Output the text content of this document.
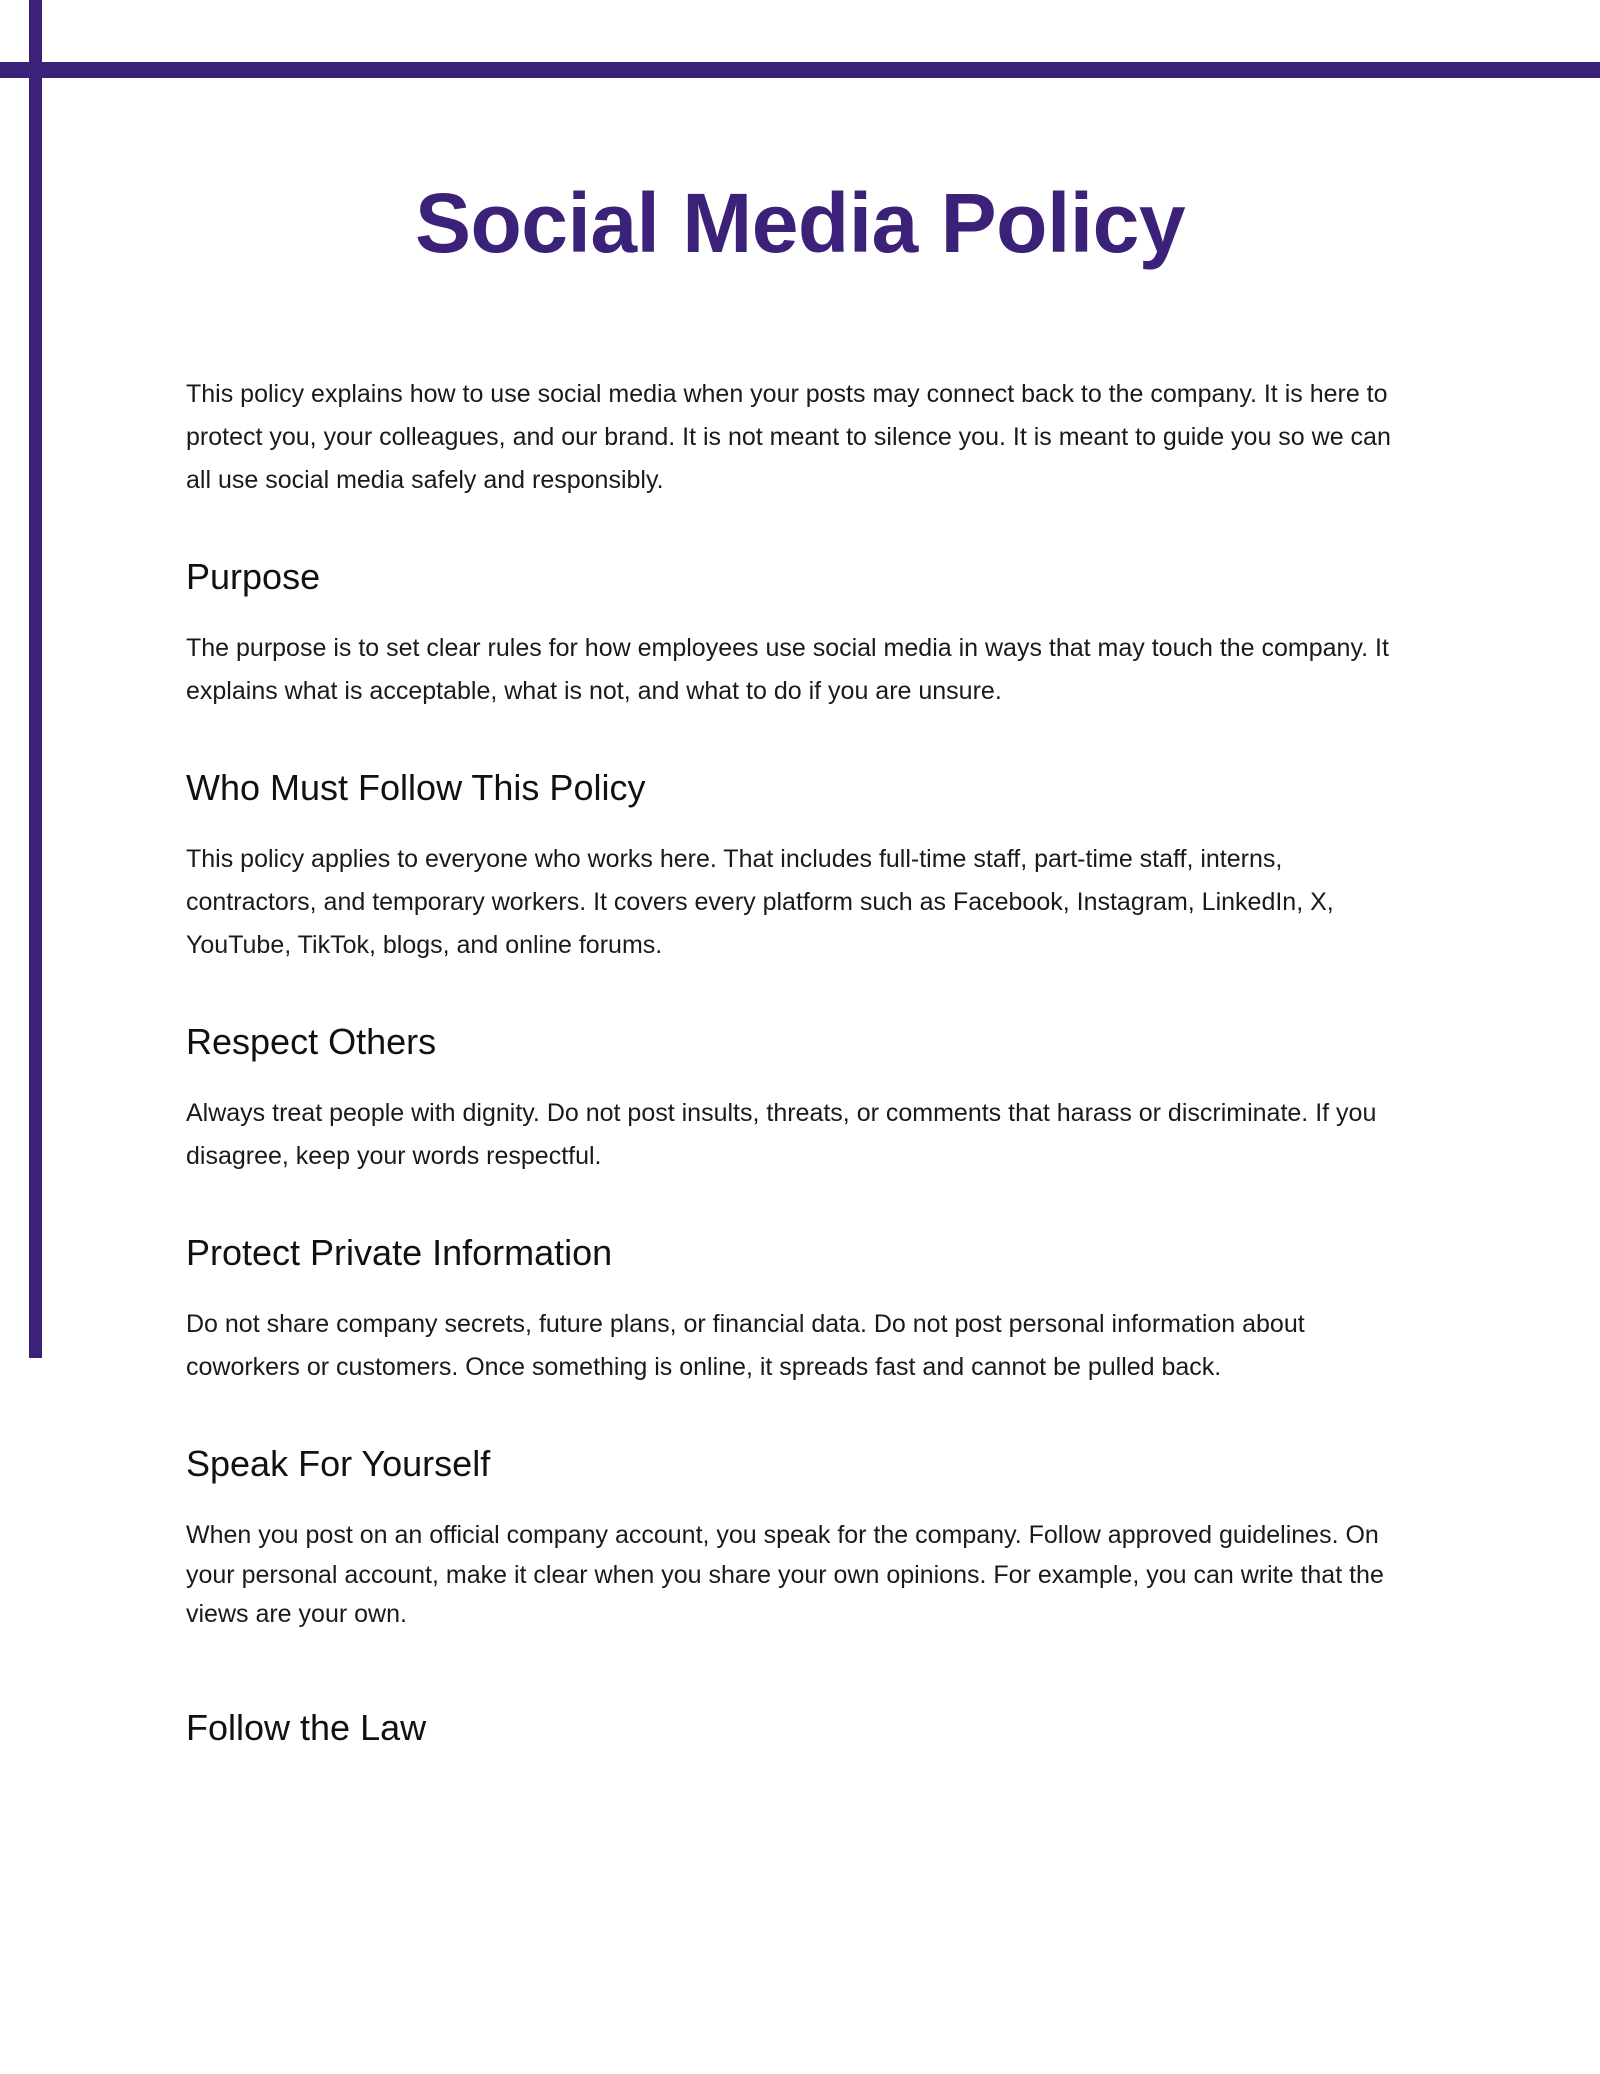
Social Media Policy

This policy explains how to use social media when your posts may connect back to the company. It is here to protect you, your colleagues, and our brand. It is not meant to silence you. It is meant to guide you so we can all use social media safely and responsibly.

Purpose

The purpose is to set clear rules for how employees use social media in ways that may touch the company. It explains what is acceptable, what is not, and what to do if you are unsure.

Who Must Follow This Policy

This policy applies to everyone who works here. That includes full-time staff, part-time staff, interns, contractors, and temporary workers. It covers every platform such as Facebook, Instagram, LinkedIn, X, YouTube, TikTok, blogs, and online forums.

Respect Others

Always treat people with dignity. Do not post insults, threats, or comments that harass or discriminate. If you disagree, keep your words respectful.

Protect Private Information

Do not share company secrets, future plans, or financial data. Do not post personal information about coworkers or customers. Once something is online, it spreads fast and cannot be pulled back.

Speak For Yourself

When you post on an official company account, you speak for the company. Follow approved guidelines. On your personal account, make it clear when you share your own opinions. For example, you can write that the views are your own.

Follow the Law
